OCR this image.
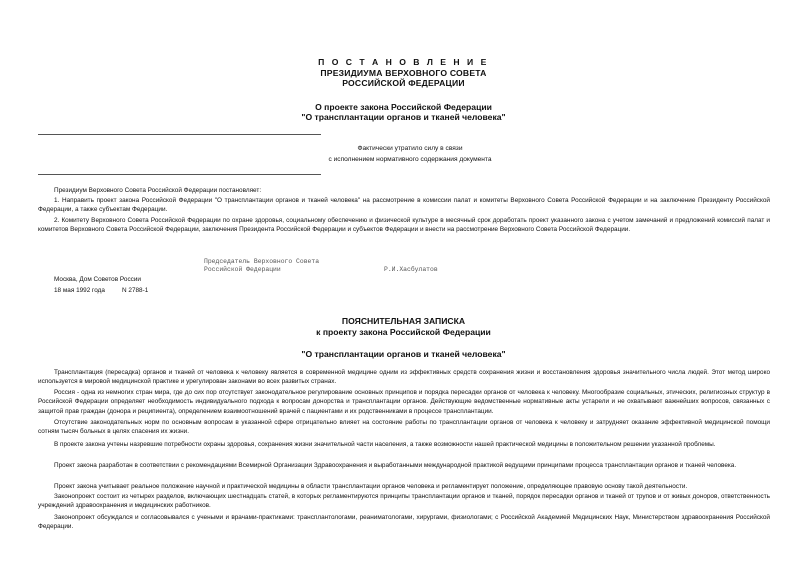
П О С Т А Н О В Л Е Н И Е
ПРЕЗИДИУМА ВЕРХОВНОГО СОВЕТА
РОССИЙСКОЙ ФЕДЕРАЦИИ
О проекте закона Российской Федерации
"О трансплантации органов и тканей человека"
Фактически утратило силу в связи
с исполнением нормативного содержания документа
Президиум Верховного Совета Российской Федерации постановляет:
1. Направить проект закона Российской Федерации "О трансплантации органов и тканей человека" на рассмотрение в комиссии палат и комитеты Верховного Совета Российской Федерации и на заключение Президенту Российской Федерации, а также субъектам Федерации.
2. Комитету Верховного Совета Российской Федерации по охране здоровья, социальному обеспечению и физической культуре в месячный срок доработать проект указанного закона с учетом замечаний и предложений комиссий палат и комитетов Верховного Совета Российской Федерации, заключения Президента Российской Федерации и субъектов Федерации и внести на рассмотрение Верховного Совета Российской Федерации.
Председатель Верховного Совета
Российской Федерации	Р.И.Хасбулатов
Москва, Дом Советов России
18 мая 1992 года	N 2788-1
ПОЯСНИТЕЛЬНАЯ ЗАПИСКА
к проекту закона Российской Федерации
"О трансплантации органов и тканей человека"
Трансплантация (пересадка) органов и тканей от человека к человеку является в современной медицине одним из эффективных средств сохранения жизни и восстановления здоровья значительного числа людей. Этот метод широко используется в мировой медицинской практике и урегулирован законами во всех развитых странах.
Россия - одна из немногих стран мира, где до сих пор отсутствует законодательное регулирование основных принципов и порядка пересадки органов от человека к человеку. Многообразие социальных, этических, религиозных структур в Российской Федерации определяет необходимость индивидуального подхода к вопросам донорства и трансплантации органов. Действующие ведомственные нормативные акты устарели и не охватывают важнейших вопросов, связанных с защитой прав граждан (донора и реципиента), определением взаимоотношений врачей с пациентами и их родственниками в процессе трансплантации.
Отсутствие законодательных норм по основным вопросам в указанной сфере отрицательно влияет на состояние работы по трансплантации органов от человека к человеку и затрудняет оказание эффективной медицинской помощи сотням тысяч больных в целях спасения их жизни.
В проекте закона учтены назревшие потребности охраны здоровья, сохранения жизни значительной части населения, а также возможности нашей практической медицины в положительном решении указанной проблемы.
Проект закона разработан в соответствии с рекомендациями Всемирной Организации Здравоохранения и выработанными международной практикой ведущими принципами процесса трансплантации органов и тканей человека.
Проект закона учитывает реальное положение научной и практической медицины в области трансплантации органов человека и регламентирует положение, определяющее правовую основу такой деятельности.
Законопроект состоит из четырех разделов, включающих шестнадцать статей, в которых регламентируются принципы трансплантации органов и тканей, порядок пересадки органов и тканей от трупов и от живых доноров, ответственность учреждений здравоохранения и медицинских работников.
Законопроект обсуждался и согласовывался с учеными и врачами-практиками: трансплантологами, реаниматологами, хирургами, физиологами; с Российской Академией Медицинских Наук, Министерством здравоохранения Российской Федерации.
